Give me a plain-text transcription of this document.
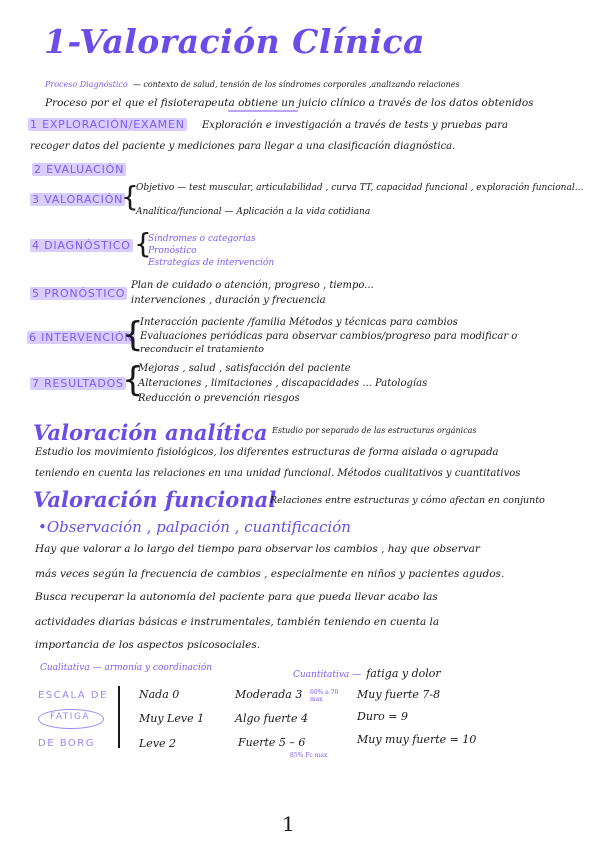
1-Valoración Clínica
Proceso Diagnóstico — contexto de salud, tensión de los síndromes corporales ,analizando relaciones
Proceso por el que el fisioterapeuta obtiene un juicio clínico a través de los datos obtenidos
1 EXPLORACIÓN/EXAMEN Exploración e investigación a través de tests y pruebas para
recoger datos del paciente y mediciones para llegar a una clasificación diagnóstica.
2 EVALUACIÓN
3 VALORACIÓN
{
Objetivo — test muscular, articulabilidad , curva TT, capacidad funcional , exploración funcional...
Analítica/funcional — Aplicación a la vida cotidiana
4 DIAGNÓSTICO {
Síndromes o categorías
Pronóstico
Estrategias de intervención
5 PRONÓSTICO
Plan de cuidado o atención, progreso , tiempo...
intervenciones , duración y frecuencia
6 INTERVENCIÓN
{
Interacción paciente /familia Métodos y técnicas para cambios
Evaluaciones periódicas para observar cambios/progreso para modificar o
reconducir el tratamiento
7 RESULTADOS
{
Mejoras , salud , satisfacción del paciente
Alteraciones , limitaciones , discapacidades ... Patologías
Reducción o prevención riesgos
Valoración analítica Estudio por separado de las estructuras orgánicas
Estudio los movimiento fisiológicos, los diferentes estructuras de forma aislada o agrupada
teniendo en cuenta las relaciones en una unidad funcional. Métodos cualitativos y cuantitativos
Valoración funcional
Relaciones entre estructuras y cómo afectan en conjunto
•Observación , palpación , cuantificación
Hay que valorar a lo largo del tiempo para observar los cambios , hay que observar
más veces según la frecuencia de cambios , especialmente en niños y pacientes agudos.
Busca recuperar la autonomía del paciente para que pueda llevar acabo las
actividades diarias básicas e instrumentales, también teniendo en cuenta la
importancia de los aspectos psicosociales.
Cualitativa — armonía y coordinación
Cuantitativa — fatiga y dolor
ESCALA DE
FATIGA
DE BORG
Nada 0
Muy Leve 1
Leve 2
Moderada 3 60% a 70 max
Algo fuerte 4
Fuerte 5 – 6
85% Fc max
Muy fuerte 7-8
Duro = 9
Muy muy fuerte = 10
1
